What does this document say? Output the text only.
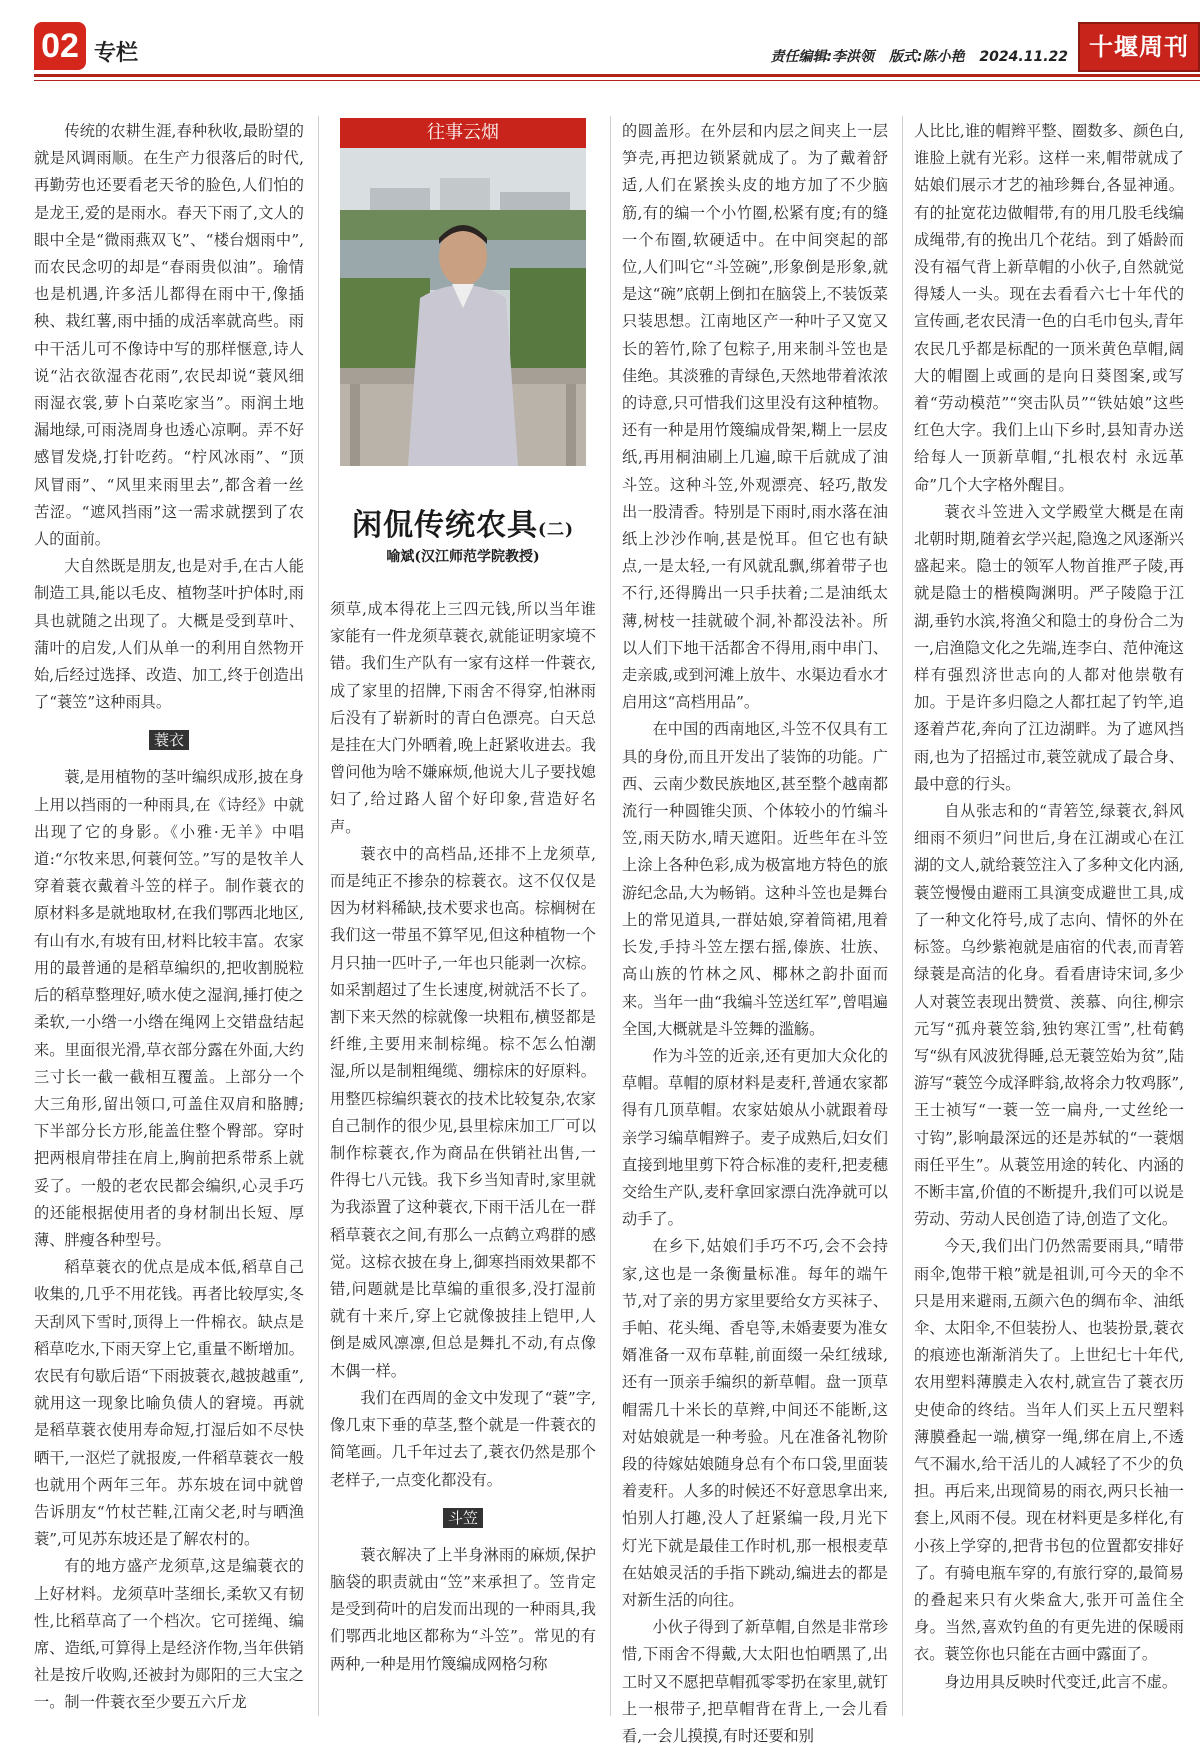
02 专栏	责任编辑:李洪领 版式:陈小艳 2024.11.22 十堰周刊

传统的农耕生涯,春种秋收,最盼望的就是风调雨顺。在生产力很落后的时代,再勤劳也还要看老天爷的脸色,人们怕的是龙王,爱的是雨水。春天下雨了,文人的眼中全是“微雨燕双飞”、“楼台烟雨中”,而农民念叨的却是“春雨贵似油”。瑜情也是机遇,许多活儿都得在雨中干,像插秧、栽红薯,雨中插的成活率就高些。雨中干活儿可不像诗中写的那样惬意,诗人说“沾衣欲湿杏花雨”,农民却说“蓑风细雨湿衣裳,萝卜白菜吃家当”。雨润土地漏地绿,可雨浇周身也透心凉啊。弄不好感冒发烧,打针吃药。“柠风冰雨”、“顶风冒雨”、“风里来雨里去”,都含着一丝苦涩。“遮风挡雨”这一需求就摆到了农人的面前。

大自然既是朋友,也是对手,在古人能制造工具,能以毛皮、植物茎叶护体时,雨具也就随之出现了。大概是受到草叶、蒲叶的启发,人们从单一的利用自然物开始,后经过选择、改造、加工,终于创造出了“蓑笠”这种雨具。

蓑衣

蓑,是用植物的茎叶编织成形,披在身上用以挡雨的一种雨具,在《诗经》中就出现了它的身影。《小雅·无羊》中唱道:“尔牧来思,何蓑何笠。”写的是牧羊人穿着蓑衣戴着斗笠的样子。制作蓑衣的原材料多是就地取材,在我们鄂西北地区,有山有水,有坡有田,材料比较丰富。农家用的最普通的是稻草编织的,把收割脱粒后的稻草整理好,喷水使之湿润,捶打使之柔软,一小绺一小绺在绳网上交错盘结起来。里面很光滑,草衣部分露在外面,大约三寸长一截一截相互覆盖。上部分一个大三角形,留出领口,可盖住双肩和胳膊;下半部分长方形,能盖住整个臀部。穿时把两根肩带挂在肩上,胸前把系带系上就妥了。一般的老农民都会编织,心灵手巧的还能根据使用者的身材制出长短、厚薄、胖瘦各种型号。

稻草蓑衣的优点是成本低,稻草自己收集的,几乎不用花钱。再者比较厚实,冬天刮风下雪时,顶得上一件棉衣。缺点是稻草吃水,下雨天穿上它,重量不断增加。农民有句歇后语“下雨披蓑衣,越披越重”,就用这一现象比喻负债人的窘境。再就是稻草蓑衣使用寿命短,打湿后如不尽快晒干,一沤烂了就报废,一件稻草蓑衣一般也就用个两年三年。苏东坡在词中就曾告诉朋友“竹杖芒鞋,江南父老,时与晒渔蓑”,可见苏东坡还是了解农村的。

有的地方盛产龙须草,这是编蓑衣的上好材料。龙须草叶茎细长,柔软又有韧性,比稻草高了一个档次。它可搓绳、编席、造纸,可算得上是经济作物,当年供销社是按斤收购,还被封为郧阳的三大宝之一。制一件蓑衣至少要五六斤龙

往事云烟
闲侃传统农具(二)
喻斌(汉江师范学院教授)

须草,成本得花上三四元钱,所以当年谁家能有一件龙须草蓑衣,就能证明家境不错。我们生产队有一家有这样一件蓑衣,成了家里的招牌,下雨舍不得穿,怕淋雨后没有了崭新时的青白色漂亮。白天总是挂在大门外晒着,晚上赶紧收进去。我曾问他为啥不嫌麻烦,他说大儿子要找媳妇了,给过路人留个好印象,营造好名声。

蓑衣中的高档品,还排不上龙须草,而是纯正不掺杂的棕蓑衣。这不仅仅是因为材料稀缺,技术要求也高。棕榈树在我们这一带虽不算罕见,但这种植物一个月只抽一匹叶子,一年也只能剥一次棕。如采割超过了生长速度,树就活不长了。割下来天然的棕就像一块粗布,横竖都是纤维,主要用来制棕绳。棕不怎么怕潮湿,所以是制粗绳缆、绷棕床的好原料。用整匹棕编织蓑衣的技术比较复杂,农家自己制作的很少见,县里棕床加工厂可以制作棕蓑衣,作为商品在供销社出售,一件得七八元钱。我下乡当知青时,家里就为我添置了这种蓑衣,下雨干活儿在一群稻草蓑衣之间,有那么一点鹤立鸡群的感觉。这棕衣披在身上,御寒挡雨效果都不错,问题就是比草编的重很多,没打湿前就有十来斤,穿上它就像披挂上铠甲,人倒是威风凛凛,但总是舞扎不动,有点像木偶一样。

我们在西周的金文中发现了“蓑”字,像几束下垂的草茎,整个就是一件蓑衣的简笔画。几千年过去了,蓑衣仍然是那个老样子,一点变化都没有。

斗笠

蓑衣解决了上半身淋雨的麻烦,保护脑袋的职责就由“笠”来承担了。笠肯定是受到荷叶的启发而出现的一种雨具,我们鄂西北地区都称为“斗笠”。常见的有两种,一种是用竹篾编成网格匀称

的圆盖形。在外层和内层之间夹上一层笋壳,再把边锁紧就成了。为了戴着舒适,人们在紧挨头皮的地方加了不少脑筋,有的编一个小竹圈,松紧有度;有的缝一个布圈,软硬适中。在中间突起的部位,人们叫它“斗笠碗”,形象倒是形象,就是这“碗”底朝上倒扣在脑袋上,不装饭菜只装思想。江南地区产一种叶子又宽又长的箬竹,除了包粽子,用来制斗笠也是佳绝。其淡雅的青绿色,天然地带着浓浓的诗意,只可惜我们这里没有这种植物。还有一种是用竹篾编成骨架,糊上一层皮纸,再用桐油刷上几遍,晾干后就成了油斗笠。这种斗笠,外观漂亮、轻巧,散发出一股清香。特别是下雨时,雨水落在油纸上沙沙作响,甚是悦耳。但它也有缺点,一是太轻,一有风就乱飘,绑着带子也不行,还得腾出一只手扶着;二是油纸太薄,树枝一挂就破个洞,补都没法补。所以人们下地干活都舍不得用,雨中串门、走亲戚,或到河滩上放牛、水渠边看水才启用这“高档用品”。

在中国的西南地区,斗笠不仅具有工具的身份,而且开发出了装饰的功能。广西、云南少数民族地区,甚至整个越南都流行一种圆锥尖顶、个体较小的竹编斗笠,雨天防水,晴天遮阳。近些年在斗笠上涂上各种色彩,成为极富地方特色的旅游纪念品,大为畅销。这种斗笠也是舞台上的常见道具,一群姑娘,穿着筒裙,甩着长发,手持斗笠左摆右摇,傣族、壮族、高山族的竹林之风、椰林之韵扑面而来。当年一曲“我编斗笠送红军”,曾唱遍全国,大概就是斗笠舞的滥觞。

作为斗笠的近亲,还有更加大众化的草帽。草帽的原材料是麦秆,普通农家都得有几顶草帽。农家姑娘从小就跟着母亲学习编草帽辫子。麦子成熟后,妇女们直接到地里剪下符合标准的麦秆,把麦穗交给生产队,麦秆拿回家漂白洗净就可以动手了。

在乡下,姑娘们手巧不巧,会不会持家,这也是一条衡量标准。每年的端午节,对了亲的男方家里要给女方买袜子、手帕、花头绳、香皂等,未婚妻要为准女婿准备一双布草鞋,前面缀一朵红绒球,还有一顶亲手编织的新草帽。盘一顶草帽需几十米长的草辫,中间还不能断,这对姑娘就是一种考验。凡在准备礼物阶段的待嫁姑娘随身总有个布口袋,里面装着麦秆。人多的时候还不好意思拿出来,怕别人打趣,没人了赶紧编一段,月光下灯光下就是最佳工作时机,那一根根麦草在姑娘灵活的手指下跳动,编进去的都是对新生活的向往。

小伙子得到了新草帽,自然是非常珍惜,下雨舍不得戴,大太阳也怕晒黑了,出工时又不愿把草帽孤零零扔在家里,就钉上一根带子,把草帽背在背上,一会儿看看,一会儿摸摸,有时还要和别

人比比,谁的帽辫平整、圈数多、颜色白,谁脸上就有光彩。这样一来,帽带就成了姑娘们展示才艺的袖珍舞台,各显神通。有的扯宽花边做帽带,有的用几股毛线编成绳带,有的挽出几个花结。到了婚龄而没有福气背上新草帽的小伙子,自然就觉得矮人一头。现在去看看六七十年代的宣传画,老农民清一色的白毛巾包头,青年农民几乎都是标配的一顶米黄色草帽,阔大的帽圈上或画的是向日葵图案,或写着“劳动模范”“突击队员”“铁姑娘”这些红色大字。我们上山下乡时,县知青办送给每人一顶新草帽,“扎根农村 永远革命”几个大字格外醒目。

蓑衣斗笠进入文学殿堂大概是在南北朝时期,随着玄学兴起,隐逸之风逐渐兴盛起来。隐士的领军人物首推严子陵,再就是隐士的楷模陶渊明。严子陵隐于江湖,垂钓水滨,将渔父和隐士的身份合二为一,启渔隐文化之先端,连李白、范仲淹这样有强烈济世志向的人都对他崇敬有加。于是许多归隐之人都扛起了钓竿,追逐着芦花,奔向了江边湖畔。为了遮风挡雨,也为了招摇过市,蓑笠就成了最合身、最中意的行头。

自从张志和的“青箬笠,绿蓑衣,斜风细雨不须归”问世后,身在江湖或心在江湖的文人,就给蓑笠注入了多种文化内涵,蓑笠慢慢由避雨工具演变成避世工具,成了一种文化符号,成了志向、情怀的外在标签。乌纱紫袍就是庙宿的代表,而青箬绿蓑是高洁的化身。看看唐诗宋词,多少人对蓑笠表现出赞赏、羡慕、向往,柳宗元写“孤舟蓑笠翁,独钓寒江雪”,杜荀鹤写“纵有风波犹得睡,总无蓑笠始为贫”,陆游写“蓑笠今成泽畔翁,故将余力牧鸡豚”,王士祯写“一蓑一笠一扁舟,一丈丝纶一寸钩”,影响最深远的还是苏轼的“一蓑烟雨任平生”。从蓑笠用途的转化、内涵的不断丰富,价值的不断提升,我们可以说是劳动、劳动人民创造了诗,创造了文化。

今天,我们出门仍然需要雨具,“晴带雨伞,饱带干粮”就是祖训,可今天的伞不只是用来避雨,五颜六色的绸布伞、油纸伞、太阳伞,不但装扮人、也装扮景,蓑衣的痕迹也渐渐消失了。上世纪七十年代,农用塑料薄膜走入农村,就宣告了蓑衣历史使命的终结。当年人们买上五尺塑料薄膜叠起一端,横穿一绳,绑在肩上,不透气不漏水,给干活儿的人减轻了不少的负担。再后来,出现简易的雨衣,两只长袖一套上,风雨不侵。现在材料更是多样化,有小孩上学穿的,把背书包的位置都安排好了。有骑电瓶车穿的,有旅行穿的,最简易的叠起来只有火柴盒大,张开可盖住全身。当然,喜欢钓鱼的有更先进的保暖雨衣。蓑笠你也只能在古画中露面了。

身边用具反映时代变迁,此言不虚。
